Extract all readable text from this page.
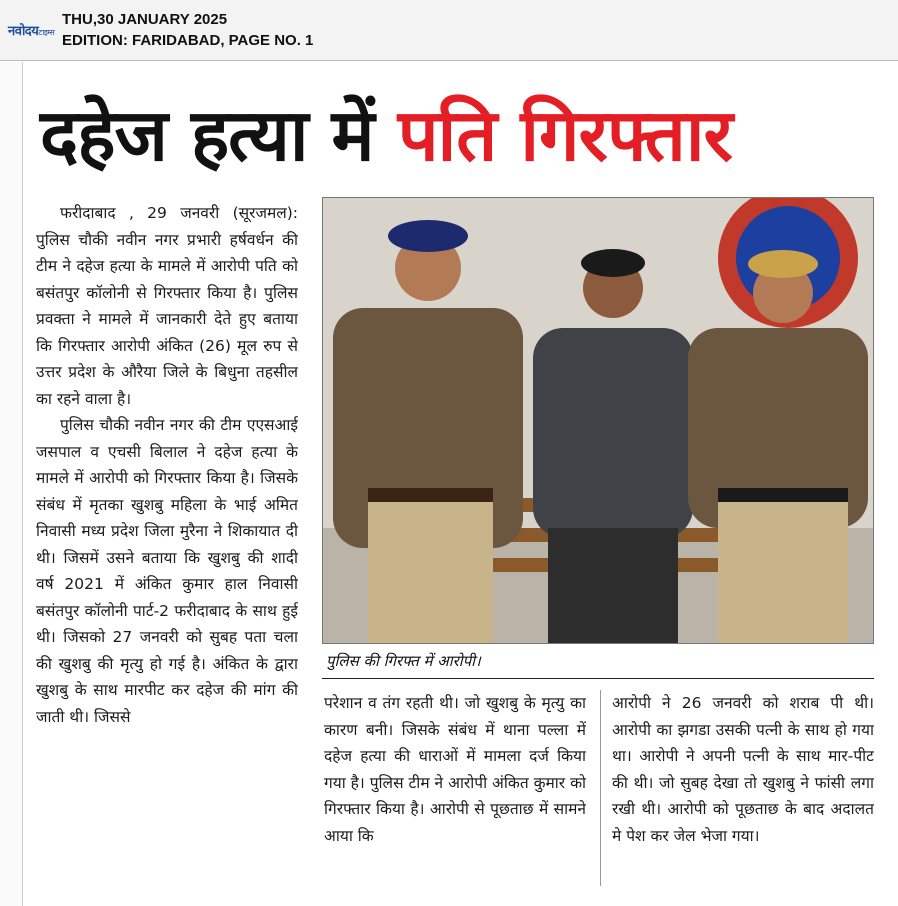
नवोदयटाइम्स
THU,30 JANUARY 2025
EDITION: FARIDABAD, PAGE NO. 1
दहेज हत्या में पति गिरफ्तार

फरीदाबाद , 29 जनवरी (सूरजमल): पुलिस चौकी नवीन नगर प्रभारी हर्षवर्धन की टीम ने दहेज हत्या के मामले में आरोपी पति को बसंतपुर कॉलोनी से गिरफ्तार किया है। पुलिस प्रवक्ता ने मामले में जानकारी देते हुए बताया कि गिरफ्तार आरोपी अंकित (26) मूल रुप से उत्तर प्रदेश के औरैया जिले के बिधुना तहसील का रहने वाला है।

पुलिस चौकी नवीन नगर की टीम एएसआई जसपाल व एचसी बिलाल ने दहेज हत्या के मामले में आरोपी को गिरफ्तार किया है। जिसके संबंध में मृतका खुशबु महिला के भाई अमित निवासी मध्य प्रदेश जिला मुरैना ने शिकायात दी थी। जिसमें उसने बताया कि खुशबु की शादी वर्ष 2021 में अंकित कुमार हाल निवासी बसंतपुर कॉलोनी पार्ट-2 फरीदाबाद के साथ हुई थी। जिसको 27 जनवरी को सुबह पता चला की खुशबु की मृत्यु हो गई है। अंकित के द्वारा खुशबु के साथ मारपीट कर दहेज की मांग की जाती थी। जिससे

पुलिस की गिरफ्त में आरोपी।

परेशान व तंग रहती थी। जो खुशबु के मृत्यु का कारण बनी। जिसके संबंध में थाना पल्ला में दहेज हत्या की धाराओं में मामला दर्ज किया गया है। पुलिस टीम ने आरोपी अंकित कुमार को गिरफ्तार किया है। आरोपी से पूछताछ में सामने आया कि

आरोपी ने 26 जनवरी को शराब पी थी। आरोपी का झगडा उसकी पत्नी के साथ हो गया था। आरोपी ने अपनी पत्नी के साथ मार-पीट की थी। जो सुबह देखा तो खुशबु ने फांसी लगा रखी थी। आरोपी को पूछताछ के बाद अदालत मे पेश कर जेल भेजा गया।
